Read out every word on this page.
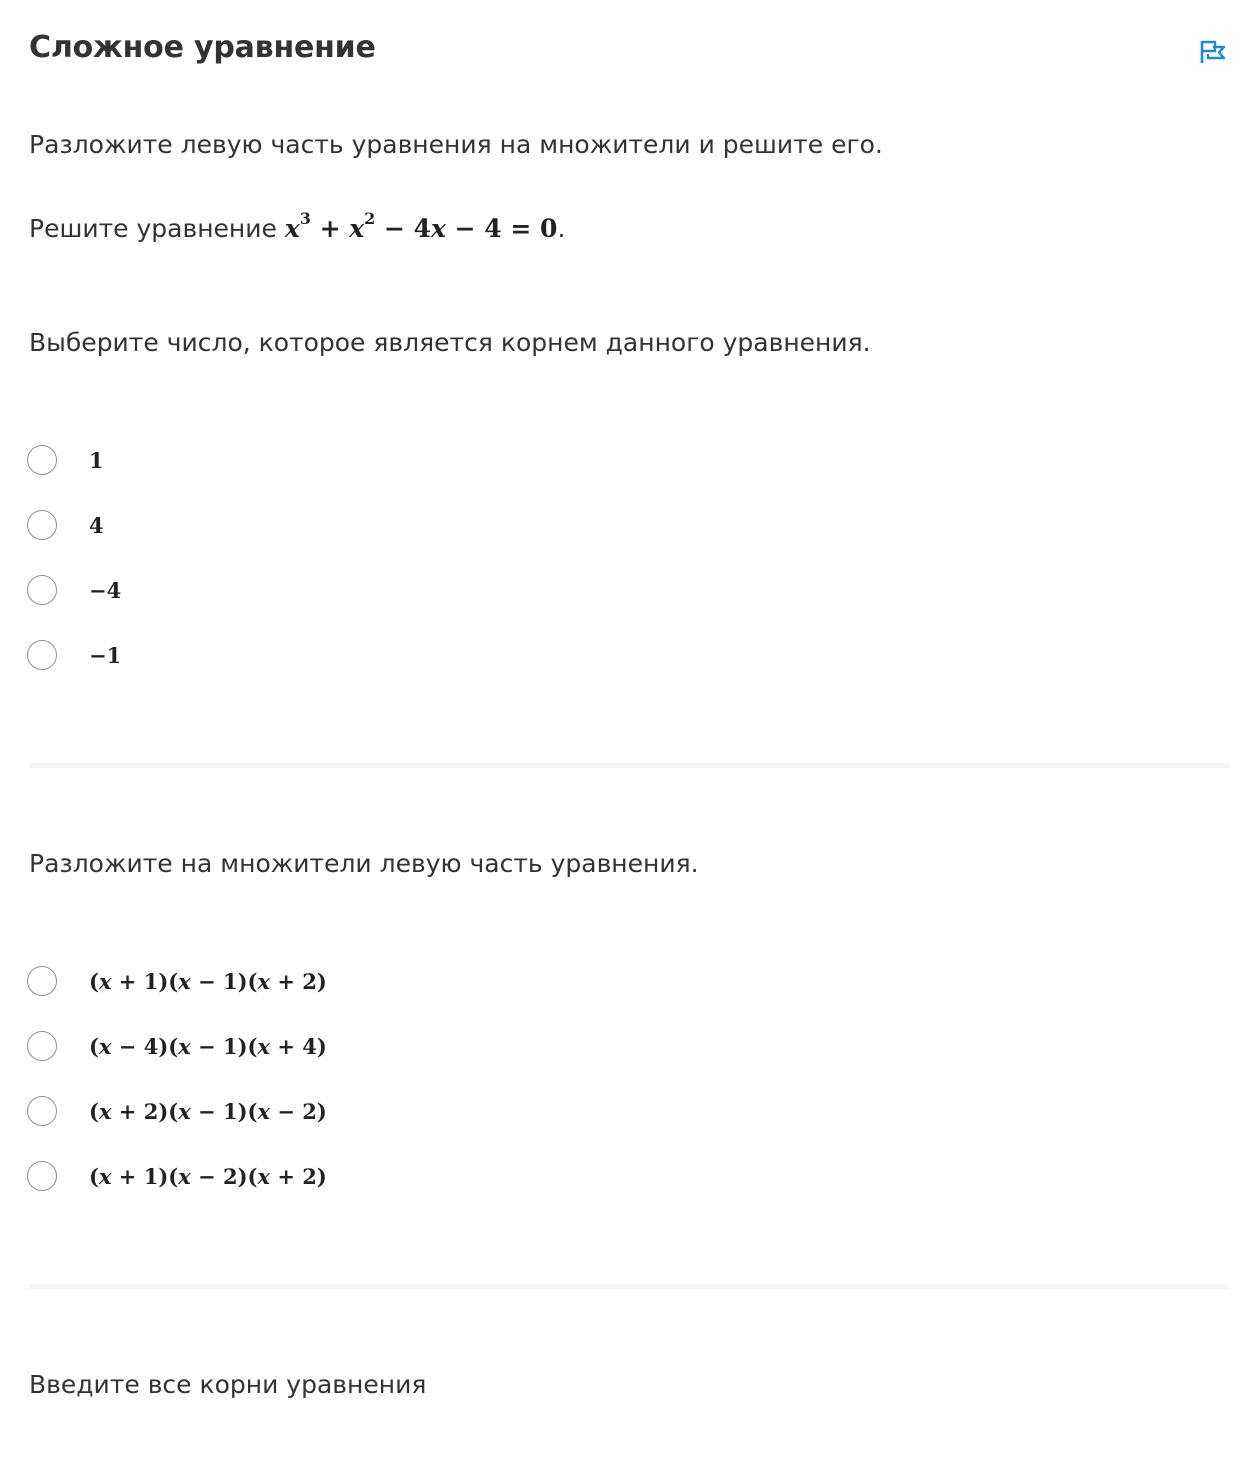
Сложное уравнение

Разложите левую часть уравнения на множители и решите его.

Решите уравнение $x^3 + x^2 - 4x - 4 = 0$.

Выберите число, которое является корнем данного уравнения.

1
4
−4
−1

Разложите на множители левую часть уравнения.

(x + 1)(x − 1)(x + 2)
(x − 4)(x − 1)(x + 4)
(x + 2)(x − 1)(x − 2)
(x + 1)(x − 2)(x + 2)

Введите все корни уравнения
